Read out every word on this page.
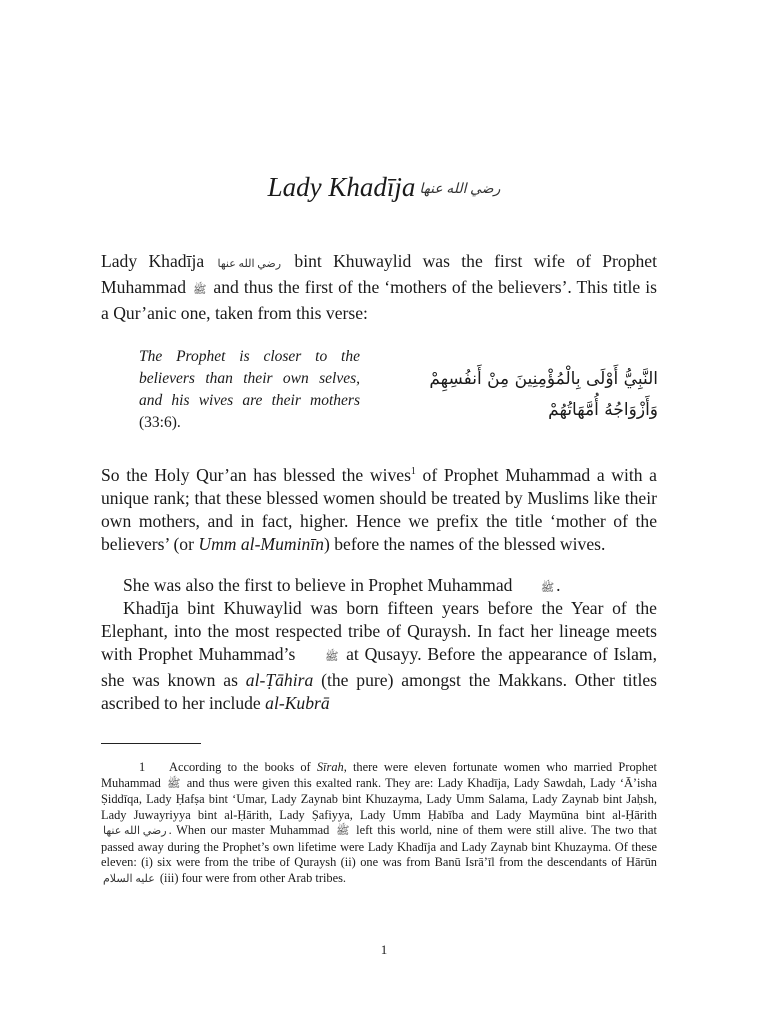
Lady Khadīja رضي الله عنها
Lady Khadīja رضي الله عنها bint Khuwaylid was the first wife of Prophet Muhammad ﷺ and thus the first of the ‘mothers of the believers’. This title is a Qur’anic one, taken from this verse:
The Prophet is closer to the believers than their own selves, and his wives are their mothers (33:6).
النَّبِيُّ أَوْلَى بِالْمُؤْمِنِينَ مِنْ أَنفُسِهِمْ
وَأَزْوَاجُهُ أُمَّهَاتُهُمْ
So the Holy Qur’an has blessed the wives$^1$ of Prophet Muhammad a with a unique rank; that these blessed women should be treated by Muslims like their own mothers, and in fact, higher. Hence we prefix the title ‘mother of the believers’ (or Umm al-Muminīn) before the names of the blessed wives.
She was also the first to believe in Prophet Muhammad	ﷺ .
Khadīja bint Khuwaylid was born fifteen years before the Year of the Elephant, into the most respected tribe of Quraysh. In fact her lineage meets with Prophet Muhammad’s	ﷺ at Qusayy. Before the appearance of Islam, she was known as al-Ṭāhira (the pure) amongst the Makkans. Other titles ascribed to her include al-Kubrā
1 According to the books of Sīrah, there were eleven fortunate women who married Prophet Muhammad ﷺ and thus were given this exalted rank. They are: Lady Khadīja, Lady Sawdah, Lady ‘Ā’isha Ṣiddīqa, Lady Ḥafṣa bint ‘Umar, Lady Zaynab bint Khuzayma, Lady Umm Salama, Lady Zaynab bint Jaḥsh, Lady Juwayriyya bint al-Ḥārith, Lady Ṣafiyya, Lady Umm Ḥabība and Lady Maymūna bint al-Ḥārith رضي الله عنها . When our master Muhammad ﷺ left this world, nine of them were still alive. The two that passed away during the Prophet’s own lifetime were Lady Khadīja and Lady Zaynab bint Khuzayma. Of these eleven: (i) six were from the tribe of Quraysh (ii) one was from Banū Isrā’īl from the descendants of Hārūn عليه السلام (iii) four were from other Arab tribes.
1
